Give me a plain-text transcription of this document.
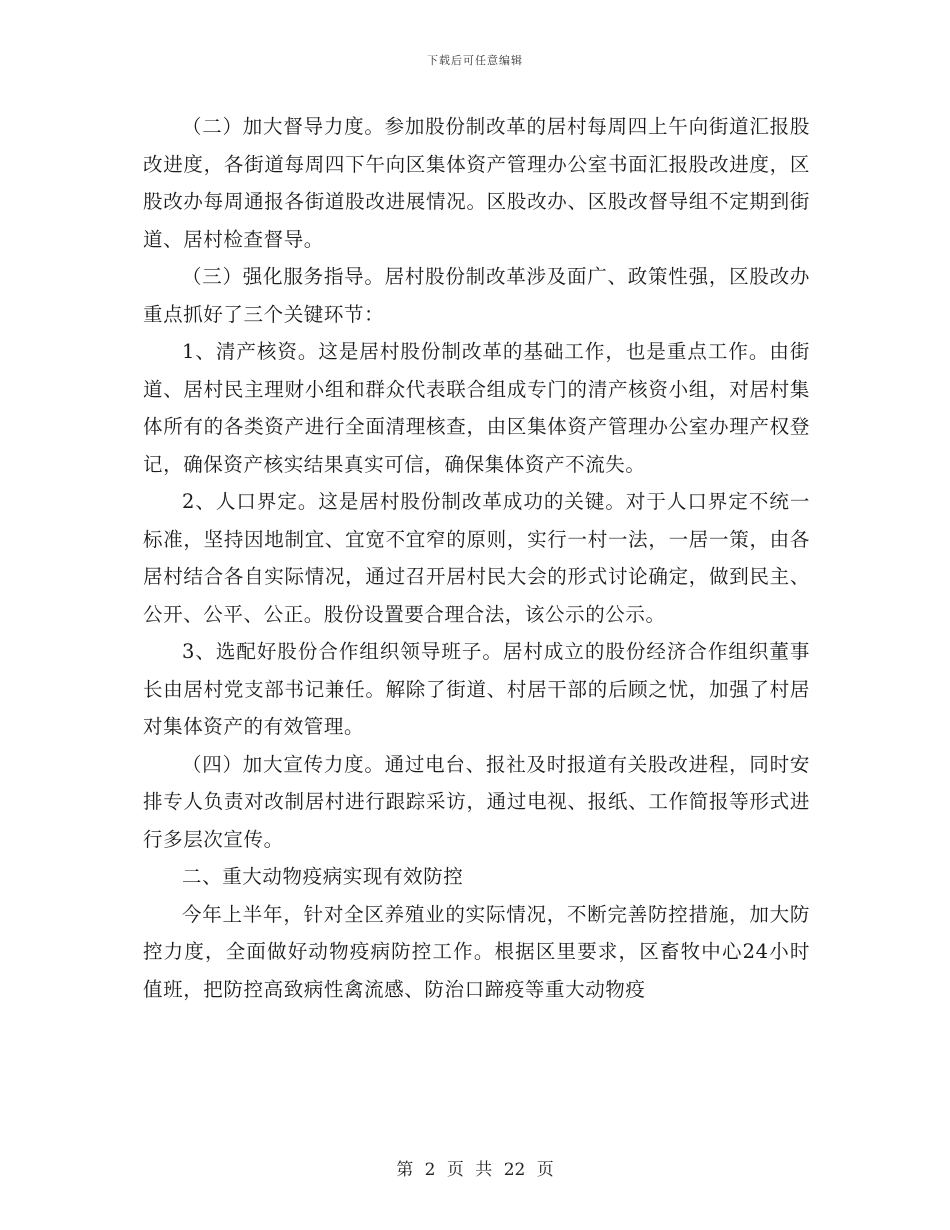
下载后可任意编辑

（二）加大督导力度。参加股份制改革的居村每周四上午向街道汇报股改进度，各街道每周四下午向区集体资产管理办公室书面汇报股改进度，区股改办每周通报各街道股改进展情况。区股改办、区股改督导组不定期到街道、居村检查督导。

（三）强化服务指导。居村股份制改革涉及面广、政策性强，区股改办重点抓好了三个关键环节：

1、清产核资。这是居村股份制改革的基础工作，也是重点工作。由街道、居村民主理财小组和群众代表联合组成专门的清产核资小组，对居村集体所有的各类资产进行全面清理核查，由区集体资产管理办公室办理产权登记，确保资产核实结果真实可信，确保集体资产不流失。

2、人口界定。这是居村股份制改革成功的关键。对于人口界定不统一标准，坚持因地制宜、宜宽不宜窄的原则，实行一村一法，一居一策，由各居村结合各自实际情况，通过召开居村民大会的形式讨论确定，做到民主、公开、公平、公正。股份设置要合理合法，该公示的公示。

3、选配好股份合作组织领导班子。居村成立的股份经济合作组织董事长由居村党支部书记兼任。解除了街道、村居干部的后顾之忧，加强了村居对集体资产的有效管理。

（四）加大宣传力度。通过电台、报社及时报道有关股改进程，同时安排专人负责对改制居村进行跟踪采访，通过电视、报纸、工作简报等形式进行多层次宣传。

二、重大动物疫病实现有效防控

今年上半年，针对全区养殖业的实际情况，不断完善防控措施，加大防控力度，全面做好动物疫病防控工作。根据区里要求，区畜牧中心24小时值班，把防控高致病性禽流感、防治口蹄疫等重大动物疫

第 2 页 共 22 页
